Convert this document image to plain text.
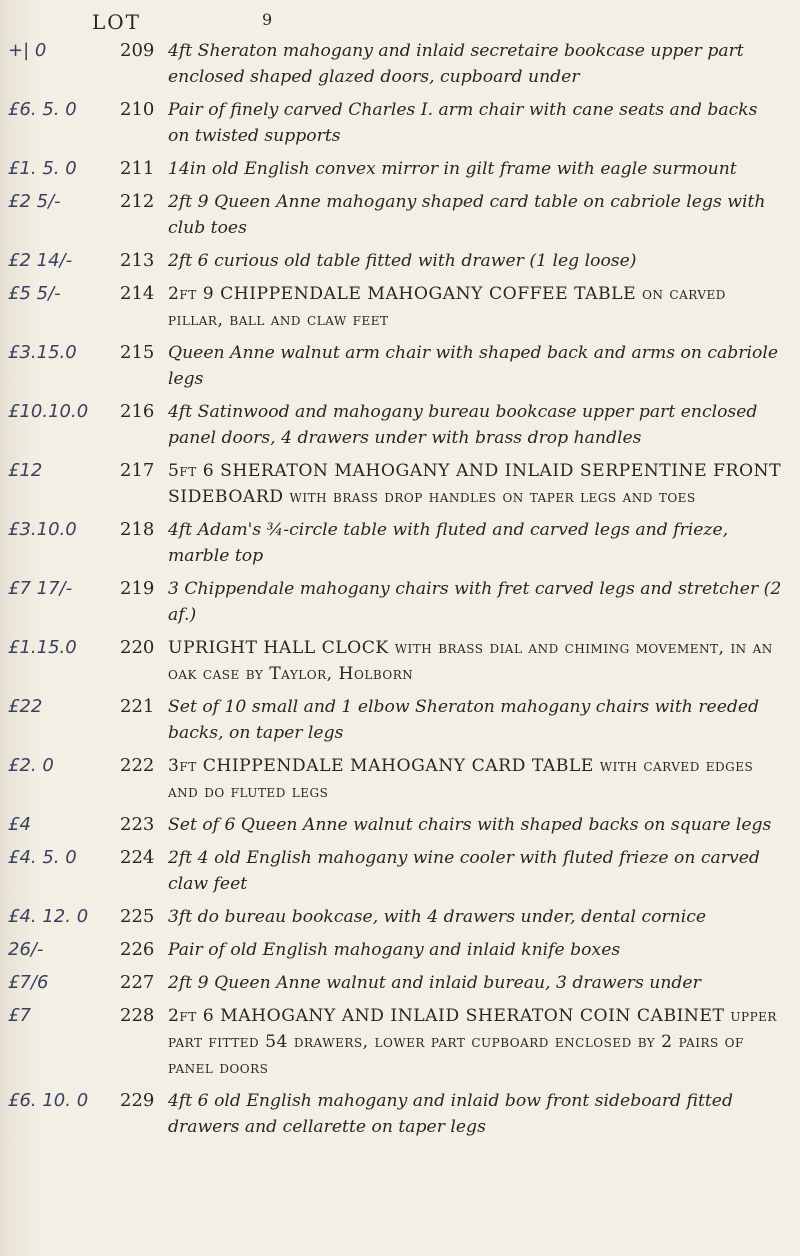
LOT	9
+| 0	209 4ft Sheraton mahogany and inlaid secretaire bookcase upper part enclosed shaped glazed doors, cupboard under
£6. 5. 0	210 Pair of finely carved Charles I. arm chair with cane seats and backs on twisted supports
£1. 5. 0	211 14in old English convex mirror in gilt frame with eagle surmount
£2 5/-	212 2ft 9 Queen Anne mahogany shaped card table on cabriole legs with club toes
£2 14/-	213 2ft 6 curious old table fitted with drawer (1 leg loose)
£5 5/-	214 2ft 9 CHIPPENDALE MAHOGANY COFFEE TABLE on carved pillar, ball and claw feet
£3.15.0	215 Queen Anne walnut arm chair with shaped back and arms on cabriole legs
£10.10.0	216 4ft Satinwood and mahogany bureau bookcase upper part enclosed panel doors, 4 drawers under with brass drop handles
£12	217 5ft 6 SHERATON MAHOGANY AND INLAID SERPENTINE FRONT SIDEBOARD with brass drop handles on taper legs and toes
£3.10.0	218 4ft Adam's ¾-circle table with fluted and carved legs and frieze, marble top
£7 17/-	219 3 Chippendale mahogany chairs with fret carved legs and stretcher (2 af.)
£1.15.0	220 UPRIGHT HALL CLOCK with brass dial and chiming movement, in an oak case by Taylor, Holborn
£22	221 Set of 10 small and 1 elbow Sheraton mahogany chairs with reeded backs, on taper legs
£2. 0	222 3ft CHIPPENDALE MAHOGANY CARD TABLE with carved edges and do fluted legs
£4	223 Set of 6 Queen Anne walnut chairs with shaped backs on square legs
£4. 5. 0	224 2ft 4 old English mahogany wine cooler with fluted frieze on carved claw feet
£4. 12. 0	225 3ft do bureau bookcase, with 4 drawers under, dental cornice
26/-	226 Pair of old English mahogany and inlaid knife boxes
£7/6	227 2ft 9 Queen Anne walnut and inlaid bureau, 3 drawers under
£7	228 2ft 6 MAHOGANY AND INLAID SHERATON COIN CABINET upper part fitted 54 drawers, lower part cupboard enclosed by 2 pairs of panel doors
£6. 10. 0	229 4ft 6 old English mahogany and inlaid bow front sideboard fitted drawers and cellarette on taper legs
